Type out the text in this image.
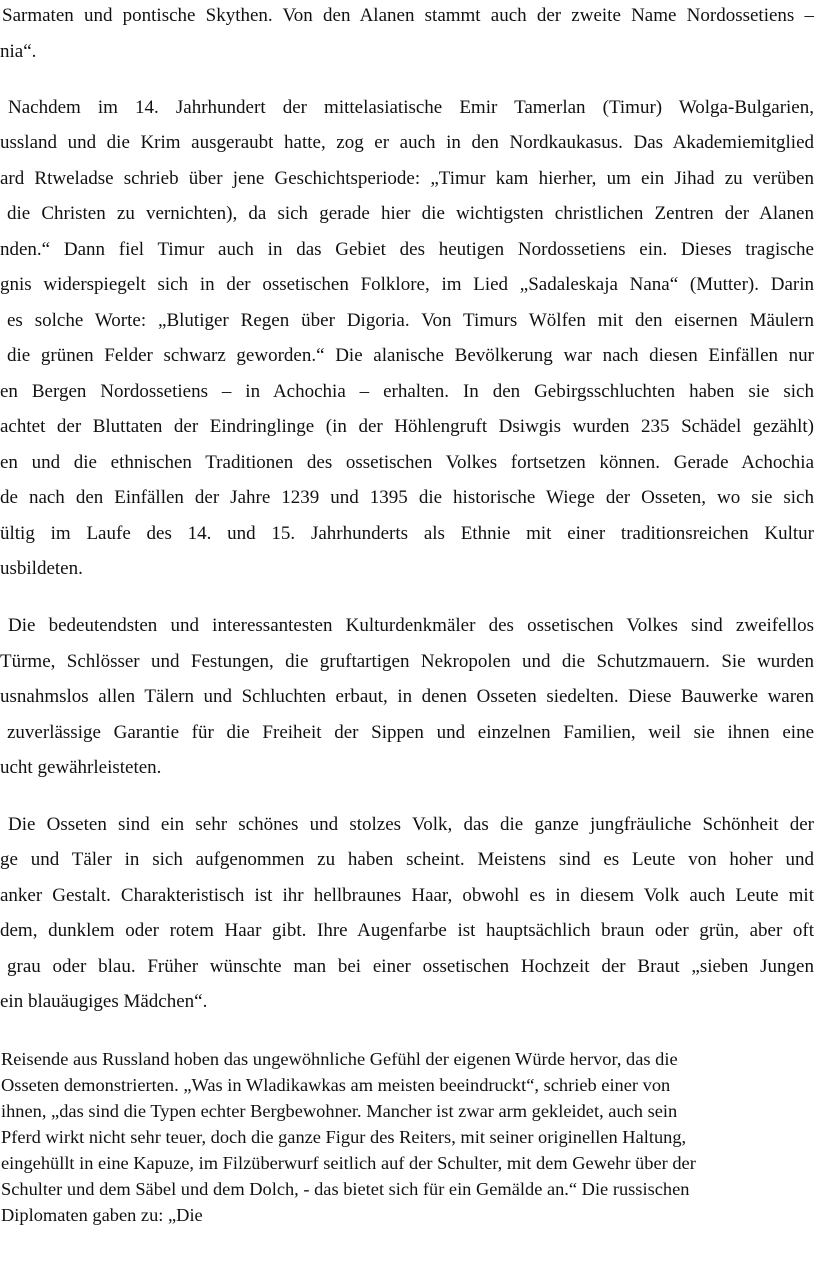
Sarmaten und pontische Skythen. Von den Alanen stammt auch der zweite Name Nordossetiens –
nia“.
Nachdem im 14. Jahrhundert der mittelasiatische Emir Tamerlan (Timur) Wolga-Bulgarien,
ussland und die Krim ausgeraubt hatte, zog er auch in den Nordkaukasus. Das Akademiemitglied
ard Rtweladse schrieb über jene Geschichtsperiode: „Timur kam hierher, um ein Jihad zu verüben
die Christen zu vernichten), da sich gerade hier die wichtigsten christlichen Zentren der Alanen
nden.“ Dann fiel Timur auch in das Gebiet des heutigen Nordossetiens ein. Dieses tragische
gnis widerspiegelt sich in der ossetischen Folklore, im Lied „Sadaleskaja Nana“ (Mutter). Darin
es solche Worte: „Blutiger Regen über Digoria. Von Timurs Wölfen mit den eisernen Mäulern
die grünen Felder schwarz geworden.“ Die alanische Bevölkerung war nach diesen Einfällen nur
en Bergen Nordossetiens – in Achochia – erhalten. In den Gebirgsschluchten haben sie sich
achtet der Bluttaten der Eindringlinge (in der Höhlengruft Dsiwgis wurden 235 Schädel gezählt)
en und die ethnischen Traditionen des ossetischen Volkes fortsetzen können. Gerade Achochia
de nach den Einfällen der Jahre 1239 und 1395 die historische Wiege der Osseten, wo sie sich
ültig im Laufe des 14. und 15. Jahrhunderts als Ethnie mit einer traditionsreichen Kultur
usbildeten.
Die bedeutendsten und interessantesten Kulturdenkmäler des ossetischen Volkes sind zweifellos
Türme, Schlösser und Festungen, die gruftartigen Nekropolen und die Schutzmauern. Sie wurden
usnahmslos allen Tälern und Schluchten erbaut, in denen Osseten siedelten. Diese Bauwerke waren
zuverlässige Garantie für die Freiheit der Sippen und einzelnen Familien, weil sie ihnen eine
ucht gewährleisteten.
Die Osseten sind ein sehr schönes und stolzes Volk, das die ganze jungfräuliche Schönheit der
ge und Täler in sich aufgenommen zu haben scheint. Meistens sind es Leute von hoher und
anker Gestalt. Charakteristisch ist ihr hellbraunes Haar, obwohl es in diesem Volk auch Leute mit
dem, dunklem oder rotem Haar gibt. Ihre Augenfarbe ist hauptsächlich braun oder grün, aber oft
grau oder blau. Früher wünschte man bei einer ossetischen Hochzeit der Braut „sieben Jungen
ein blauäugiges Mädchen“.
Reisende aus Russland hoben das ungewöhnliche Gefühl der eigenen Würde hervor, das die
Osseten demonstrierten. „Was in Wladikawkas am meisten beeindruckt“, schrieb einer von
ihnen, „das sind die Typen echter Bergbewohner. Mancher ist zwar arm gekleidet, auch sein
Pferd wirkt nicht sehr teuer, doch die ganze Figur des Reiters, mit seiner originellen Haltung,
eingehüllt in eine Kapuze, im Filzüberwurf seitlich auf der Schulter, mit dem Gewehr über der
Schulter und dem Säbel und dem Dolch, - das bietet sich für ein Gemälde an.“ Die russischen
Diplomaten gaben zu: „Die
